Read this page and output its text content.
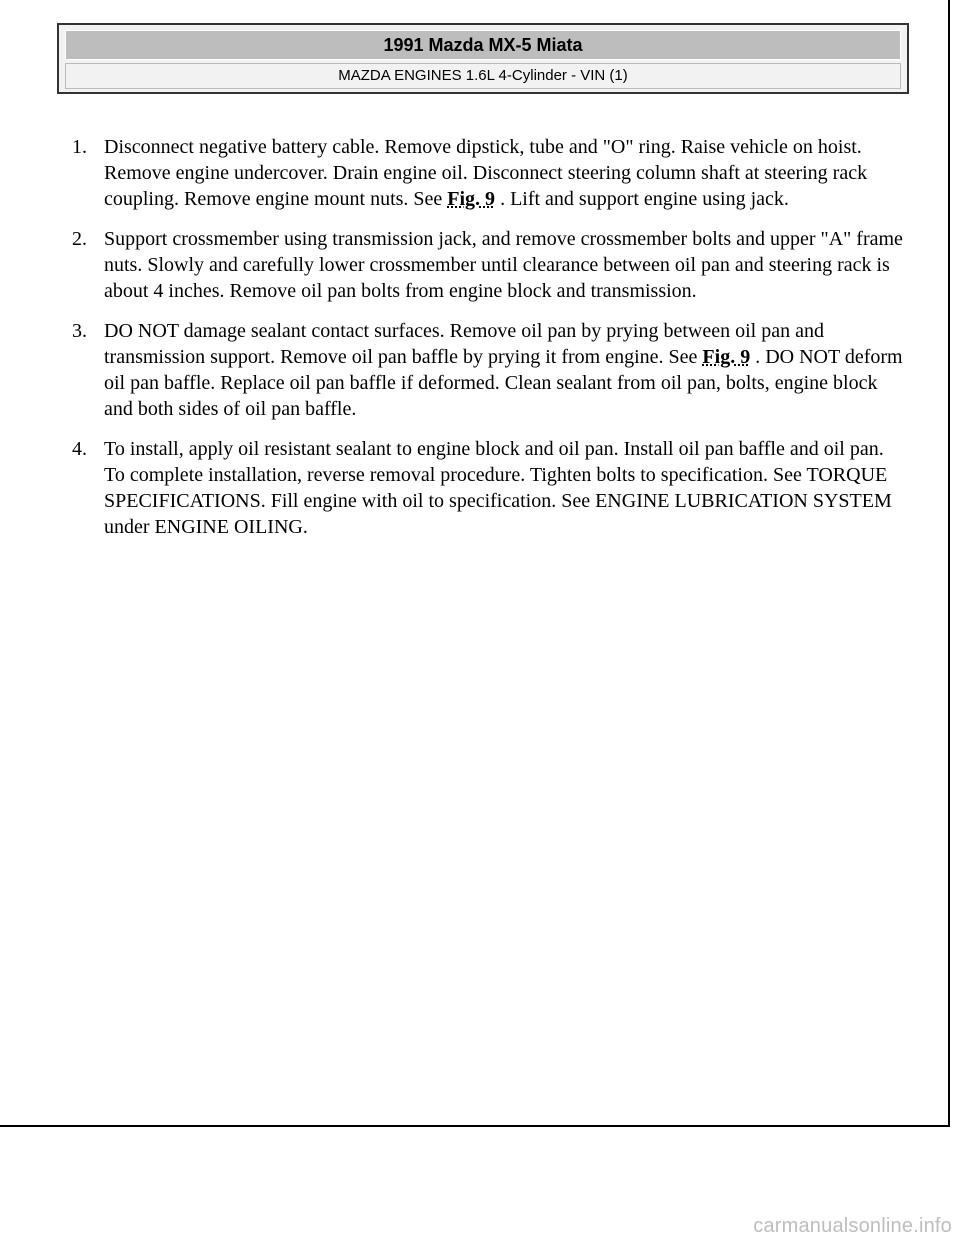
1991 Mazda MX-5 Miata
MAZDA ENGINES 1.6L 4-Cylinder - VIN (1)
1. Disconnect negative battery cable. Remove dipstick, tube and "O" ring. Raise vehicle on hoist. Remove engine undercover. Drain engine oil. Disconnect steering column shaft at steering rack coupling. Remove engine mount nuts. See Fig. 9 . Lift and support engine using jack.
2. Support crossmember using transmission jack, and remove crossmember bolts and upper "A" frame nuts. Slowly and carefully lower crossmember until clearance between oil pan and steering rack is about 4 inches. Remove oil pan bolts from engine block and transmission.
3. DO NOT damage sealant contact surfaces. Remove oil pan by prying between oil pan and transmission support. Remove oil pan baffle by prying it from engine. See Fig. 9 . DO NOT deform oil pan baffle. Replace oil pan baffle if deformed. Clean sealant from oil pan, bolts, engine block and both sides of oil pan baffle.
4. To install, apply oil resistant sealant to engine block and oil pan. Install oil pan baffle and oil pan. To complete installation, reverse removal procedure. Tighten bolts to specification. See TORQUE SPECIFICATIONS. Fill engine with oil to specification. See ENGINE LUBRICATION SYSTEM under ENGINE OILING.
carmanualsonline.info
